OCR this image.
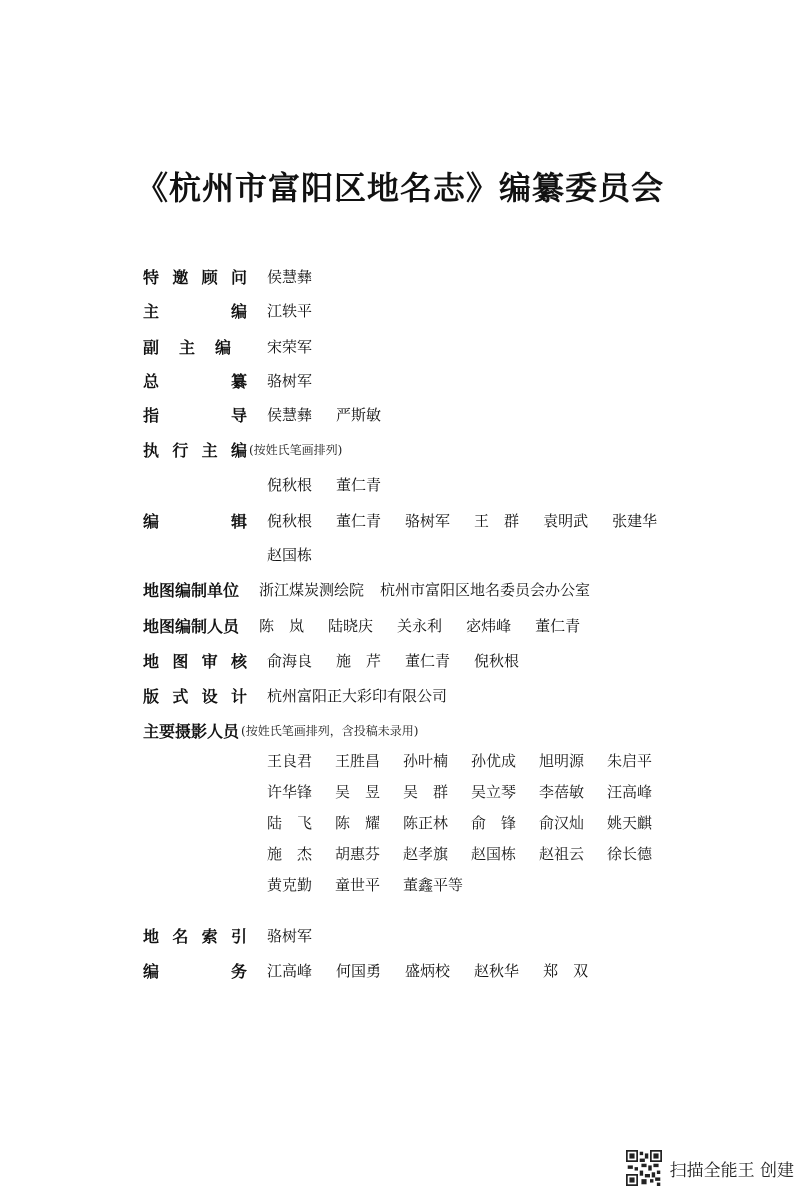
《杭州市富阳区地名志》编纂委员会
特 邀 顾 问 侯慧彝
主	编 江轶平
副 主 编 宋荣军
总	纂 骆树军
指	导 侯慧彝 严斯敏
执 行 主 编 (按姓氏笔画排列)
倪秋根 董仁青
编	辑 倪秋根 董仁青 骆树军 王　群 袁明武 张建华
赵国栋
地图编制单位 浙江煤炭测绘院 杭州市富阳区地名委员会办公室
地图编制人员 陈　岚 陆晓庆 关永利 宓炜峰 董仁青
地 图 审 核 俞海良 施　芹 董仁青 倪秋根
版 式 设 计 杭州富阳正大彩印有限公司
主要摄影人员 (按姓氏笔画排列，含投稿未录用)
王良君	王胜昌	孙叶楠	孙优成	旭明源	朱启平
许华锋	吴　昱	吴　群	吴立琴	李蓓敏	汪高峰
陆　飞	陈　耀	陈正林	俞　锋	俞汉灿	姚天麒
施　杰	胡惠芬	赵孝旗	赵国栋	赵祖云	徐长德
黄克勤	童世平	董鑫平等
地 名 索 引 骆树军
编	务 江高峰 何国勇 盛炳校 赵秋华 郑　双
扫描全能王 创建
